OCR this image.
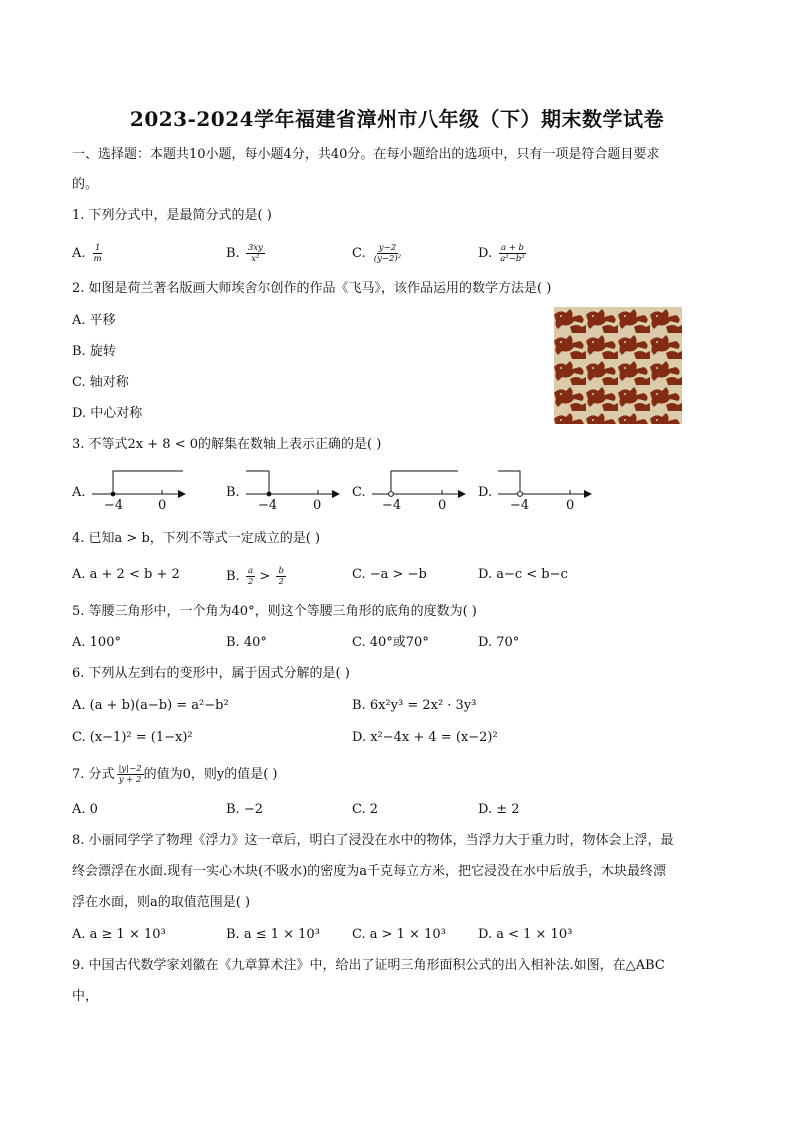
2023-2024学年福建省漳州市八年级（下）期末数学试卷
一、选择题：本题共10小题，每小题4分，共40分。在每小题给出的选项中，只有一项是符合题目要求
的。
1. 下列分式中，是最简分式的是( )
A. $\frac{1}{m}$	B. $\frac{3xy}{\text{x²}}$	C. $\frac{y-2}{\text{(y−2)²}}$	D. $\frac{a + b}{\text{a²−b²}}$
2. 如图是荷兰著名版画大师埃舍尔创作的作品《飞马》，该作品运用的数学方法是( )
A. 平移
B. 旋转
C. 轴对称
D. 中心对称
3. 不等式2x + 8 < 0的解集在数轴上表示正确的是( )
A.
−4	0
B.
−4	0
C.
−4	0
D.
−4	0
4. 已知a > b，下列不等式一定成立的是( )
A. a + 2 < b + 2	B. $\frac{a}{2} > \frac{b}{2}$	C. −a > −b	D. a−c < b−c
5. 等腰三角形中，一个角为40°，则这个等腰三角形的底角的度数为( )
A. 100°	B. 40°	C. 40°或70°	D. 70°
6. 下列从左到右的变形中，属于因式分解的是( )
A. (a + b)(a−b) = a²−b²	B. 6x²y³ = 2x² · 3y³
C. (x−1)² = (1−x)²	D. x²−4x + 4 = (x−2)²
7. 分式 $\frac{|y|-2}{y + 2}$ 的值为0，则y的值是( )
A. 0	B. −2	C. 2	D. ± 2
8. 小丽同学学了物理《浮力》这一章后，明白了浸没在水中的物体，当浮力大于重力时，物体会上浮，最
终会漂浮在水面.现有一实心木块(不吸水)的密度为a千克每立方米，把它浸没在水中后放手，木块最终漂
浮在水面，则a的取值范围是( )
A. a ≥ 1 × 10³	B. a ≤ 1 × 10³ C. a > 1 × 10³ D. a < 1 × 10³
9. 中国古代数学家刘徽在《九章算术注》中，给出了证明三角形面积公式的出入相补法.如图，在△ABC
中，
